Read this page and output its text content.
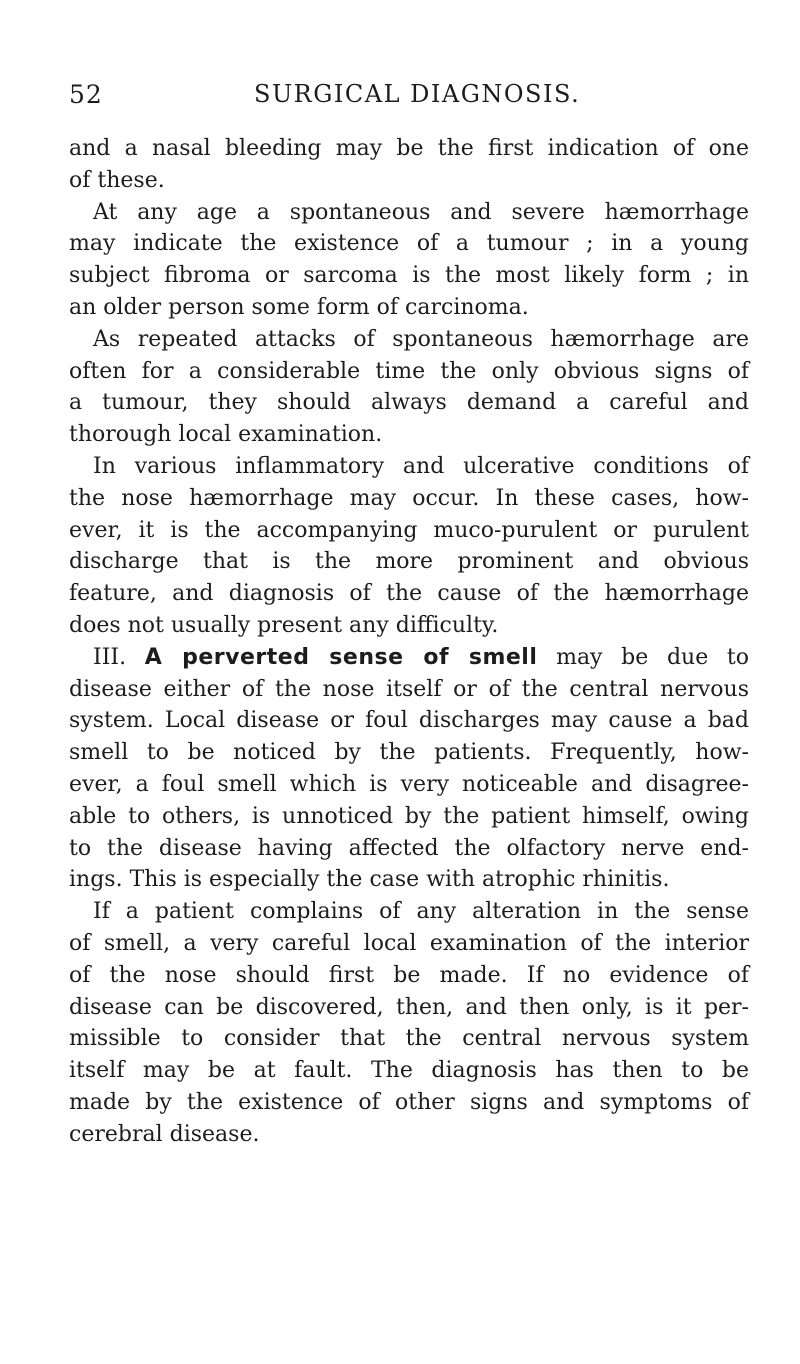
52	SURGICAL DIAGNOSIS.
and a nasal bleeding may be the first indication of one
of these.
At any age a spontaneous and severe hæmorrhage
may indicate the existence of a tumour ; in a young
subject fibroma or sarcoma is the most likely form ; in
an older person some form of carcinoma.
As repeated attacks of spontaneous hæmorrhage are
often for a considerable time the only obvious signs of
a tumour, they should always demand a careful and
thorough local examination.
In various inflammatory and ulcerative conditions of
the nose hæmorrhage may occur. In these cases, how-
ever, it is the accompanying muco-purulent or purulent
discharge that is the more prominent and obvious
feature, and diagnosis of the cause of the hæmorrhage
does not usually present any difficulty.
III. A perverted sense of smell may be due to
disease either of the nose itself or of the central nervous
system. Local disease or foul discharges may cause a bad
smell to be noticed by the patients. Frequently, how-
ever, a foul smell which is very noticeable and disagree-
able to others, is unnoticed by the patient himself, owing
to the disease having affected the olfactory nerve end-
ings. This is especially the case with atrophic rhinitis.
If a patient complains of any alteration in the sense
of smell, a very careful local examination of the interior
of the nose should first be made. If no evidence of
disease can be discovered, then, and then only, is it per-
missible to consider that the central nervous system
itself may be at fault. The diagnosis has then to be
made by the existence of other signs and symptoms of
cerebral disease.
